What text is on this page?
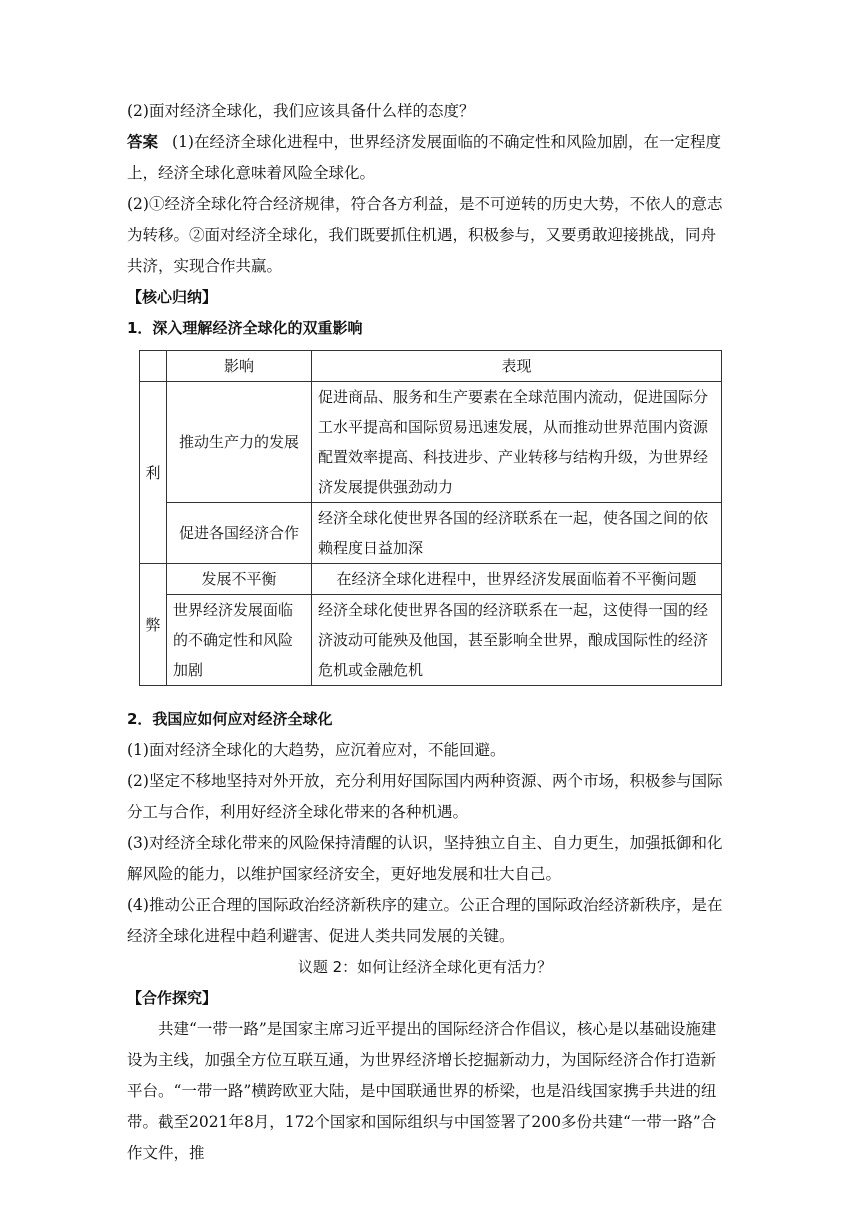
(2)面对经济全球化，我们应该具备什么样的态度？

答案 (1)在经济全球化进程中，世界经济发展面临的不确定性和风险加剧，在一定程度上，经济全球化意味着风险全球化。

(2)①经济全球化符合经济规律，符合各方利益，是不可逆转的历史大势，不依人的意志为转移。②面对经济全球化，我们既要抓住机遇，积极参与，又要勇敢迎接挑战，同舟共济，实现合作共赢。

【核心归纳】

1．深入理解经济全球化的双重影响

	影响	表现
利	推动生产力的发展	促进商品、服务和生产要素在全球范围内流动，促进国际分工水平提高和国际贸易迅速发展，从而推动世界范围内资源配置效率提高、科技进步、产业转移与结构升级，为世界经济发展提供强劲动力
	促进各国经济合作	经济全球化使世界各国的经济联系在一起，使各国之间的依赖程度日益加深
弊	发展不平衡	在经济全球化进程中，世界经济发展面临着不平衡问题
	世界经济发展面临的不确定性和风险加剧	经济全球化使世界各国的经济联系在一起，这使得一国的经济波动可能殃及他国，甚至影响全世界，酿成国际性的经济危机或金融危机

2．我国应如何应对经济全球化

(1)面对经济全球化的大趋势，应沉着应对，不能回避。

(2)坚定不移地坚持对外开放，充分利用好国际国内两种资源、两个市场，积极参与国际分工与合作，利用好经济全球化带来的各种机遇。

(3)对经济全球化带来的风险保持清醒的认识，坚持独立自主、自力更生，加强抵御和化解风险的能力，以维护国家经济安全，更好地发展和壮大自己。

(4)推动公正合理的国际政治经济新秩序的建立。公正合理的国际政治经济新秩序，是在经济全球化进程中趋利避害、促进人类共同发展的关键。

议题 2：如何让经济全球化更有活力？

【合作探究】

共建“一带一路”是国家主席习近平提出的国际经济合作倡议，核心是以基础设施建设为主线，加强全方位互联互通，为世界经济增长挖掘新动力，为国际经济合作打造新平台。“一带一路”横跨欧亚大陆，是中国联通世界的桥梁，也是沿线国家携手共进的纽带。截至2021年8月，172个国家和国际组织与中国签署了200多份共建“一带一路”合作文件，推
